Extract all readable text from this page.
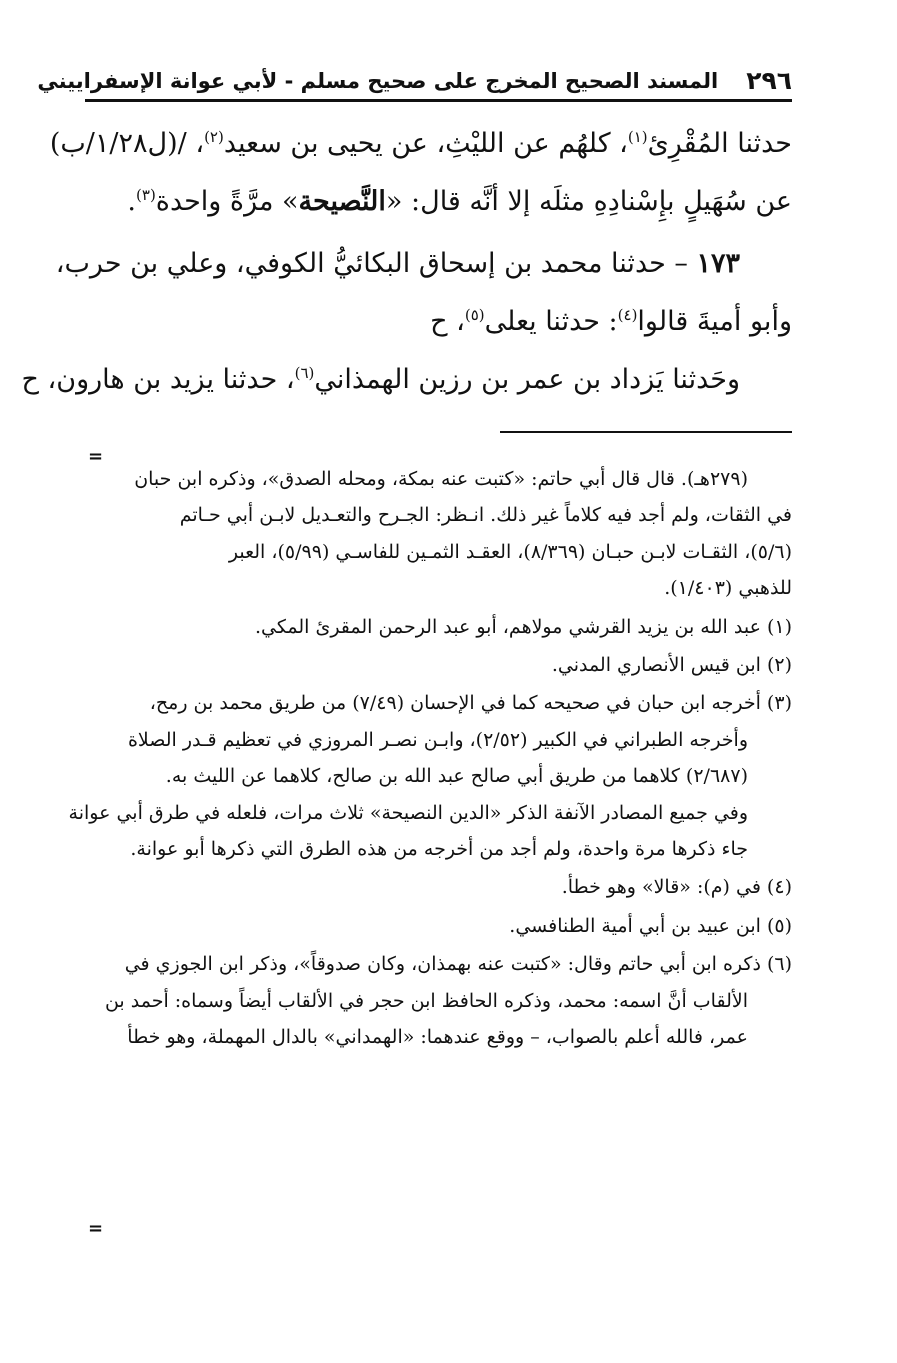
٢٩٦
المسند الصحيح المخرج على صحيح مسلم - لأبي عوانة الإسفراييني

حدثنا المُقْرِئ$^{(١)}$، كلهُم عن الليْثِ، عن يحيى بن سعيد$^{(٢)}$، /(ل١/٢٨/ب)

عن سُهَيلٍ بإِسْنادِهِ مثلَه إلا أنَّه قال: «النَّصيحة» مرَّةً واحدة$^{(٣)}$.

١٧٣ – حدثنا محمد بن إسحاق البكائيُّ الكوفي، وعلي بن حرب،

وأبو أميةَ قالوا$^{(٤)}$: حدثنا يعلى$^{(٥)}$، ح

وحَدثنا يَزداد بن عمر بن رزين الهمذاني$^{(٦)}$، حدثنا يزيد بن هارون، ح

=

(٢٧٩هـ). قال قال أبي حاتم: «كتبت عنه بمكة، ومحله الصدق»، وذكره ابن حبان

في الثقات، ولم أجد فيه كلاماً غير ذلك. انـظر: الجـرح والتعـديل لابـن أبي حـاتم

(٥/٦)، الثقـات لابـن حبـان (٨/٣٦٩)، العقـد الثمـين للفاسـي (٥/٩٩)، العبر

للذهبي (١/٤٠٣).

(١) عبد الله بن يزيد القرشي مولاهم، أبو عبد الرحمن المقرئ المكي.

(٢) ابن قيس الأنصاري المدني.

(٣) أخرجه ابن حبان في صحيحه كما في الإحسان (٧/٤٩) من طريق محمد بن رمح،

وأخرجه الطبراني في الكبير (٢/٥٢)، وابـن نصـر المروزي في تعظيم قـدر الصلاة

(٢/٦٨٧) كلاهما من طريق أبي صالح عبد الله بن صالح، كلاهما عن الليث به.

وفي جميع المصادر الآنفة الذكر «الدين النصيحة» ثلاث مرات، فلعله في طرق أبي عوانة

جاء ذكرها مرة واحدة، ولم أجد من أخرجه من هذه الطرق التي ذكرها أبو عوانة.

(٤) في (م): «قالا» وهو خطأ.

(٥) ابن عبيد بن أبي أمية الطنافسي.

(٦) ذكره ابن أبي حاتم وقال: «كتبت عنه بهمذان، وكان صدوقاً»، وذكر ابن الجوزي في

الألقاب أنَّ اسمه: محمد، وذكره الحافظ ابن حجر في الألقاب أيضاً وسماه: أحمد بن

عمر، فالله أعلم بالصواب، – ووقع عندهما: «الهمداني» بالدال المهملة، وهو خطأ

=
